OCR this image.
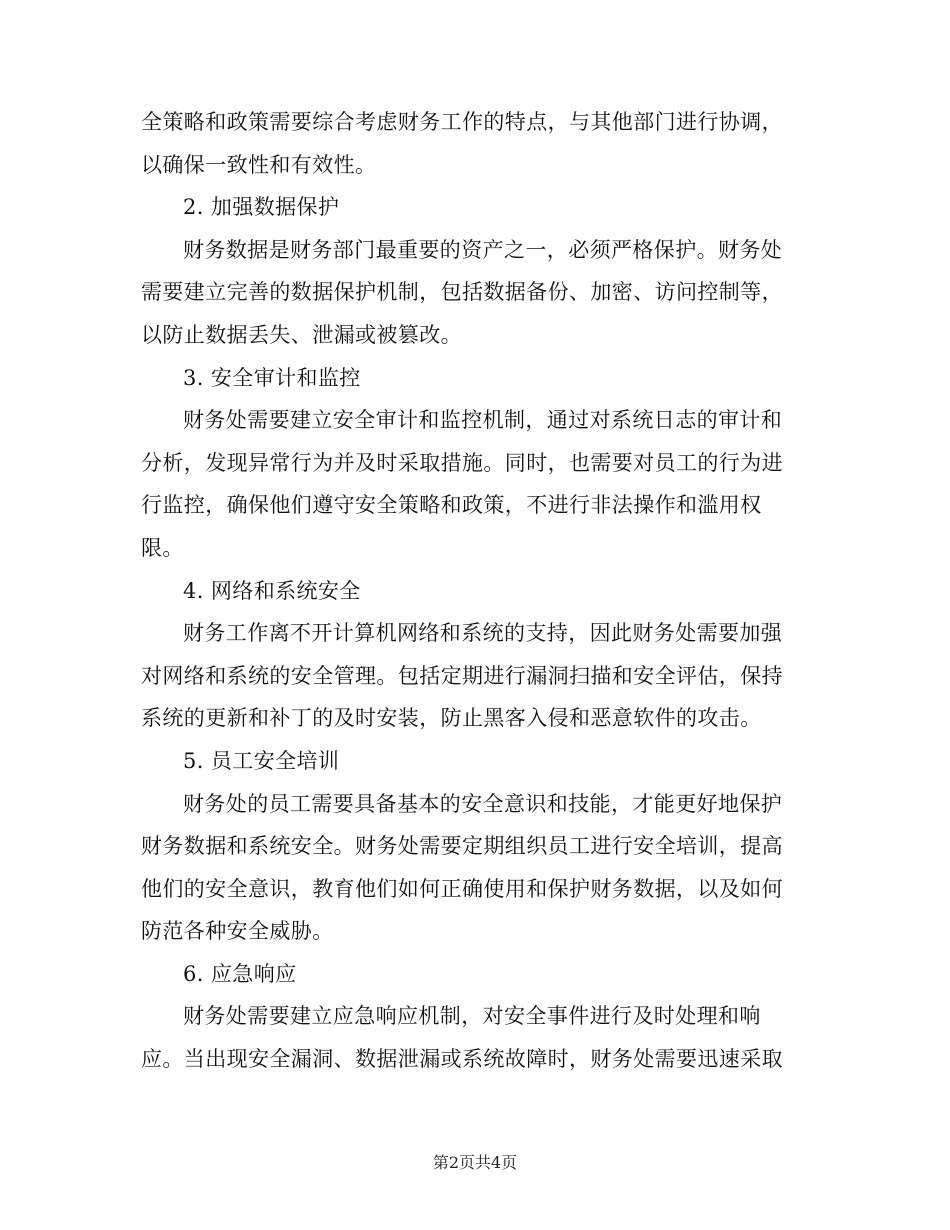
全策略和政策需要综合考虑财务工作的特点，与其他部门进行协调，
以确保一致性和有效性。
2. 加强数据保护
财务数据是财务部门最重要的资产之一，必须严格保护。财务处
需要建立完善的数据保护机制，包括数据备份、加密、访问控制等，
以防止数据丢失、泄漏或被篡改。
3. 安全审计和监控
财务处需要建立安全审计和监控机制，通过对系统日志的审计和
分析，发现异常行为并及时采取措施。同时，也需要对员工的行为进
行监控，确保他们遵守安全策略和政策，不进行非法操作和滥用权
限。
4. 网络和系统安全
财务工作离不开计算机网络和系统的支持，因此财务处需要加强
对网络和系统的安全管理。包括定期进行漏洞扫描和安全评估，保持
系统的更新和补丁的及时安装，防止黑客入侵和恶意软件的攻击。
5. 员工安全培训
财务处的员工需要具备基本的安全意识和技能，才能更好地保护
财务数据和系统安全。财务处需要定期组织员工进行安全培训，提高
他们的安全意识，教育他们如何正确使用和保护财务数据，以及如何
防范各种安全威胁。
6. 应急响应
财务处需要建立应急响应机制，对安全事件进行及时处理和响
应。当出现安全漏洞、数据泄漏或系统故障时，财务处需要迅速采取
第2页共4页
